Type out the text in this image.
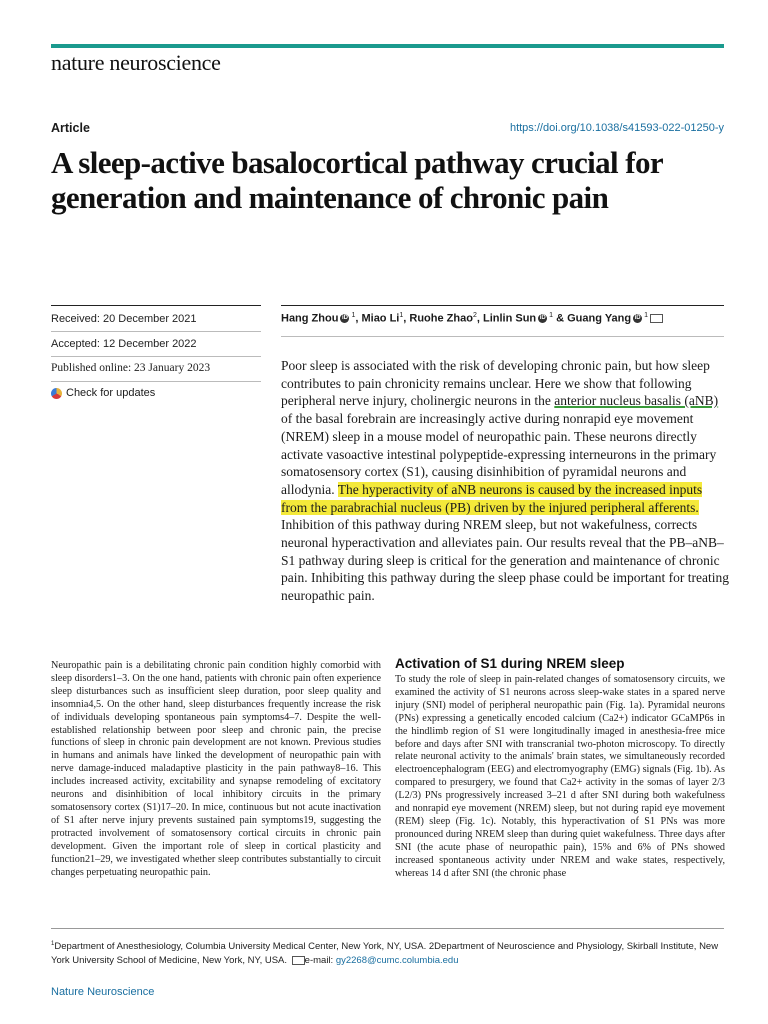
nature neuroscience
Article	https://doi.org/10.1038/s41593-022-01250-y
A sleep-active basalocortical pathway crucial for generation and maintenance of chronic pain
Received: 20 December 2021
Accepted: 12 December 2022
Published online: 23 January 2023
Check for updates
Hang Zhou iD $^1$, Miao Li$^1$, Ruohe Zhao$^2$, Linlin Sun iD $^1$ & Guang Yang iD $^1$
Poor sleep is associated with the risk of developing chronic pain, but how sleep contributes to pain chronicity remains unclear. Here we show that following peripheral nerve injury, cholinergic neurons in the anterior nucleus basalis (aNB) of the basal forebrain are increasingly active during nonrapid eye movement (NREM) sleep in a mouse model of neuropathic pain. These neurons directly activate vasoactive intestinal polypeptide-expressing interneurons in the primary somatosensory cortex (S1), causing disinhibition of pyramidal neurons and allodynia. The hyperactivity of aNB neurons is caused by the increased inputs from the parabrachial nucleus (PB) driven by the injured peripheral afferents. Inhibition of this pathway during NREM sleep, but not wakefulness, corrects neuronal hyperactivation and alleviates pain. Our results reveal that the PB–aNB–S1 pathway during sleep is critical for the generation and maintenance of chronic pain. Inhibiting this pathway during the sleep phase could be important for treating neuropathic pain.
Neuropathic pain is a debilitating chronic pain condition highly comorbid with sleep disorders1–3. On the one hand, patients with chronic pain often experience sleep disturbances such as insufficient sleep duration, poor sleep quality and insomnia4,5. On the other hand, sleep disturbances frequently increase the risk of individuals developing spontaneous pain symptoms4–7. Despite the well-established relationship between poor sleep and chronic pain, the precise functions of sleep in chronic pain development are not known. Previous studies in humans and animals have linked the development of neuropathic pain with nerve damage-induced maladaptive plasticity in the pain pathway8–16. This includes increased activity, excitability and synapse remodeling of excitatory neurons and disinhibition of local inhibitory circuits in the primary somatosensory cortex (S1)17–20. In mice, continuous but not acute inactivation of S1 after nerve injury prevents sustained pain symptoms19, suggesting the protracted involvement of somatosensory cortical circuits in chronic pain development. Given the important role of sleep in cortical plasticity and function21–29, we investigated whether sleep contributes substantially to circuit changes perpetuating neuropathic pain.
Activation of S1 during NREM sleep
To study the role of sleep in pain-related changes of somatosensory circuits, we examined the activity of S1 neurons across sleep-wake states in a spared nerve injury (SNI) model of peripheral neuropathic pain (Fig. 1a). Pyramidal neurons (PNs) expressing a genetically encoded calcium (Ca2+) indicator GCaMP6s in the hindlimb region of S1 were longitudinally imaged in anesthesia-free mice before and days after SNI with transcranial two-photon microscopy. To directly relate neuronal activity to the animals' brain states, we simultaneously recorded electroencephalogram (EEG) and electromyography (EMG) signals (Fig. 1b). As compared to presurgery, we found that Ca2+ activity in the somas of layer 2/3 (L2/3) PNs progressively increased 3–21 d after SNI during both wakefulness and nonrapid eye movement (NREM) sleep, but not during rapid eye movement (REM) sleep (Fig. 1c). Notably, this hyperactivation of S1 PNs was more pronounced during NREM sleep than during quiet wakefulness. Three days after SNI (the acute phase of neuropathic pain), 15% and 6% of PNs showed increased spontaneous activity under NREM and wake states, respectively, whereas 14 d after SNI (the chronic phase
$^1$Department of Anesthesiology, Columbia University Medical Center, New York, NY, USA. 2Department of Neuroscience and Physiology, Skirball Institute, New York University School of Medicine, New York, NY, USA. e-mail: gy2268@cumc.columbia.edu
Nature Neuroscience
